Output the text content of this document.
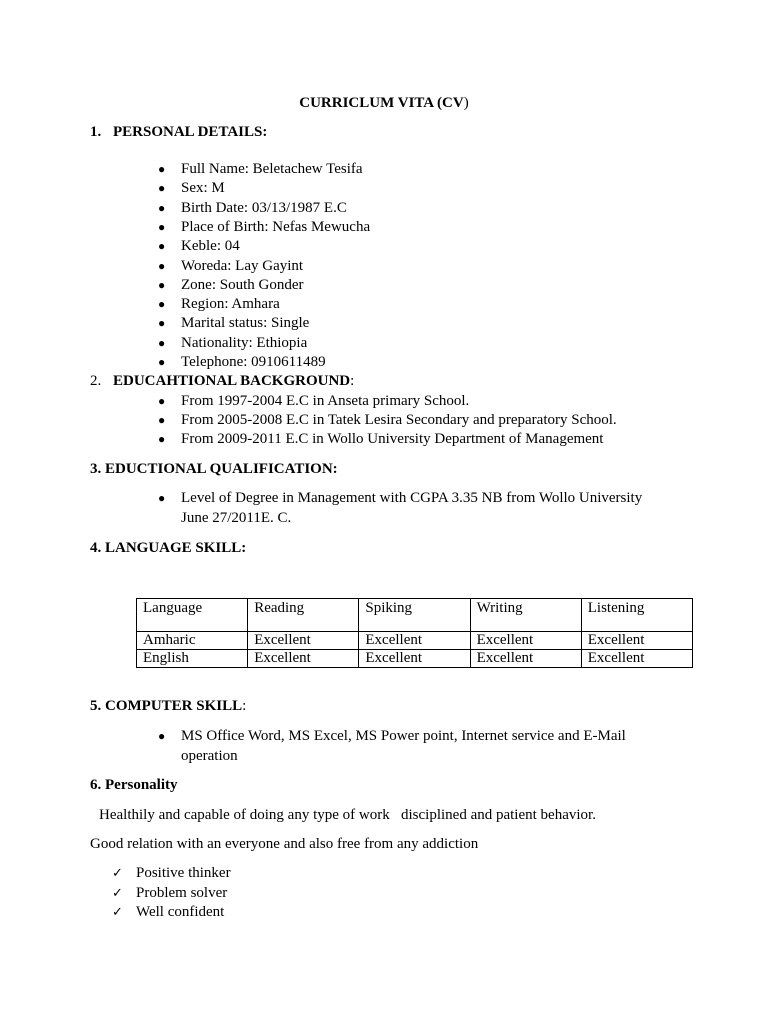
CURRICLUM VITA (CV)
1. PERSONAL DETAILS:
● Full Name: Beletachew Tesifa
● Sex: M
● Birth Date: 03/13/1987 E.C
● Place of Birth: Nefas Mewucha
● Keble: 04
● Woreda: Lay Gayint
● Zone: South Gonder
● Region: Amhara
● Marital status: Single
● Nationality: Ethiopia
● Telephone: 0910611489
2. EDUCAHTIONAL BACKGROUND:
● From 1997-2004 E.C in Anseta primary School.
● From 2005-2008 E.C in Tatek Lesira Secondary and preparatory School.
● From 2009-2011 E.C in Wollo University Department of Management
3. EDUCTIONAL QUALIFICATION:
● Level of Degree in Management with CGPA 3.35 NB from Wollo University
June 27/2011E. C.
4. LANGUAGE SKILL:
Language	Reading	Spiking	Writing	Listening
Amharic	Excellent	Excellent	Excellent	Excellent
English	Excellent	Excellent	Excellent	Excellent
5. COMPUTER SKILL:
● MS Office Word, MS Excel, MS Power point, Internet service and E-Mail
operation
6. Personality
Healthily and capable of doing any type of work   disciplined and patient behavior.
Good relation with an everyone and also free from any addiction
✓ Positive thinker
✓ Problem solver
✓ Well confident
